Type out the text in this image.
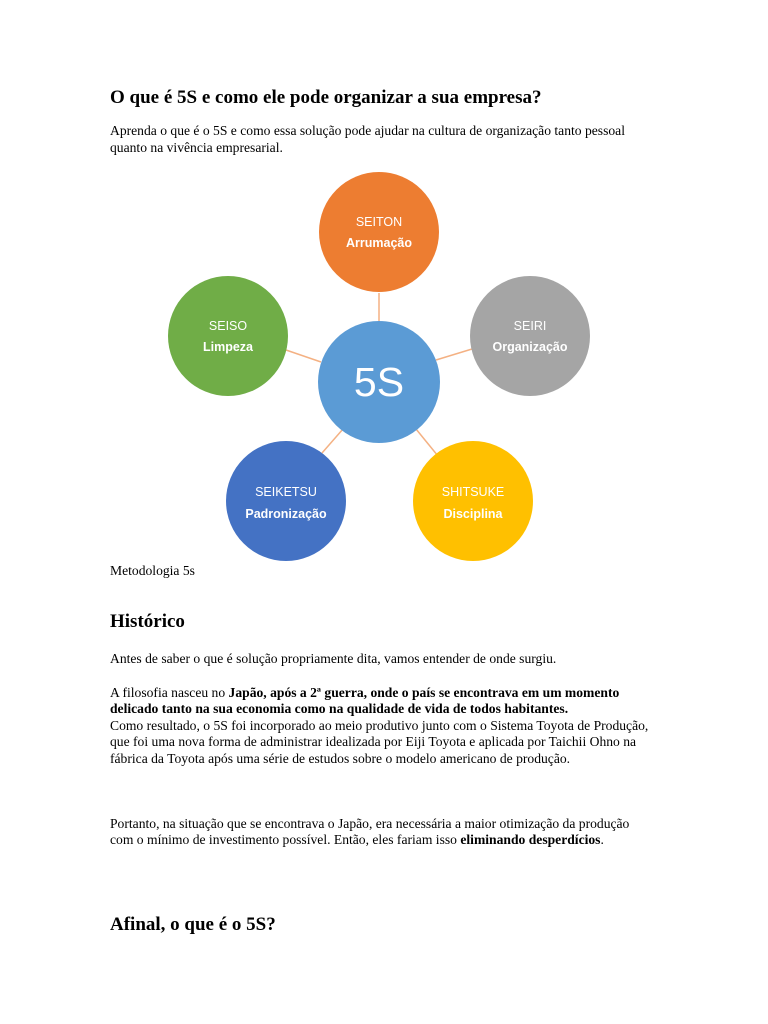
O que é 5S e como ele pode organizar a sua empresa?

Aprenda o que é o 5S e como essa solução pode ajudar na cultura de organização tanto pessoal quanto na vivência empresarial.

5S
SEITON
Arrumação
SEIRI
Organização
SHITSUKE
Disciplina
SEIKETSU
Padronização
SEISO
Limpeza

Metodologia 5s

Histórico

Antes de saber o que é solução propriamente dita, vamos entender de onde surgiu.

A filosofia nasceu no Japão, após a 2ª guerra, onde o país se encontrava em um momento delicado tanto na sua economia como na qualidade de vida de todos habitantes.
Como resultado, o 5S foi incorporado ao meio produtivo junto com o Sistema Toyota de Produção, que foi uma nova forma de administrar idealizada por Eiji Toyota e aplicada por Taichii Ohno na fábrica da Toyota após uma série de estudos sobre o modelo americano de produção.

Portanto, na situação que se encontrava o Japão, era necessária a maior otimização da produção com o mínimo de investimento possível. Então, eles fariam isso eliminando desperdícios.

Afinal, o que é o 5S?
